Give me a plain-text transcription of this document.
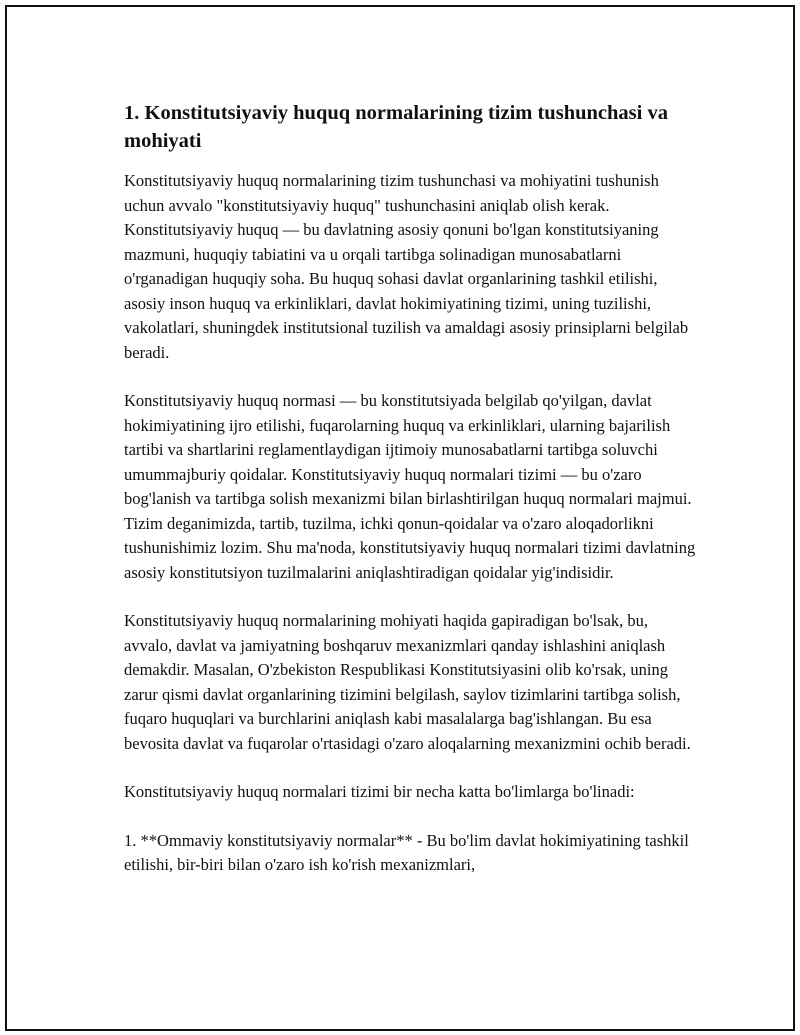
1. Konstitutsiyaviy huquq normalarining tizim tushunchasi va mohiyati

Konstitutsiyaviy huquq normalarining tizim tushunchasi va mohiyatini tushunish uchun avvalo "konstitutsiyaviy huquq" tushunchasini aniqlab olish kerak. Konstitutsiyaviy huquq — bu davlatning asosiy qonuni bo'lgan konstitutsiyaning mazmuni, huquqiy tabiatini va u orqali tartibga solinadigan munosabatlarni o'rganadigan huquqiy soha. Bu huquq sohasi davlat organlarining tashkil etilishi, asosiy inson huquq va erkinliklari, davlat hokimiyatining tizimi, uning tuzilishi, vakolatlari, shuningdek institutsional tuzilish va amaldagi asosiy prinsiplarni belgilab beradi.

Konstitutsiyaviy huquq normasi — bu konstitutsiyada belgilab qo'yilgan, davlat hokimiyatining ijro etilishi, fuqarolarning huquq va erkinliklari, ularning bajarilish tartibi va shartlarini reglamentlaydigan ijtimoiy munosabatlarni tartibga soluvchi umummajburiy qoidalar. Konstitutsiyaviy huquq normalari tizimi — bu o'zaro bog'lanish va tartibga solish mexanizmi bilan birlashtirilgan huquq normalari majmui. Tizim deganimizda, tartib, tuzilma, ichki qonun-qoidalar va o'zaro aloqadorlikni tushunishimiz lozim. Shu ma'noda, konstitutsiyaviy huquq normalari tizimi davlatning asosiy konstitutsiyon tuzilmalarini aniqlashtiradigan qoidalar yig'indisidir.

Konstitutsiyaviy huquq normalarining mohiyati haqida gapiradigan bo'lsak, bu, avvalo, davlat va jamiyatning boshqaruv mexanizmlari qanday ishlashini aniqlash demakdir. Masalan, O'zbekiston Respublikasi Konstitutsiyasini olib ko'rsak, uning zarur qismi davlat organlarining tizimini belgilash, saylov tizimlarini tartibga solish, fuqaro huquqlari va burchlarini aniqlash kabi masalalarga bag'ishlangan. Bu esa bevosita davlat va fuqarolar o'rtasidagi o'zaro aloqalarning mexanizmini ochib beradi.

Konstitutsiyaviy huquq normalari tizimi bir necha katta bo'limlarga bo'linadi:

1. **Ommaviy konstitutsiyaviy normalar** - Bu bo'lim davlat hokimiyatining tashkil etilishi, bir-biri bilan o'zaro ish ko'rish mexanizmlari,
